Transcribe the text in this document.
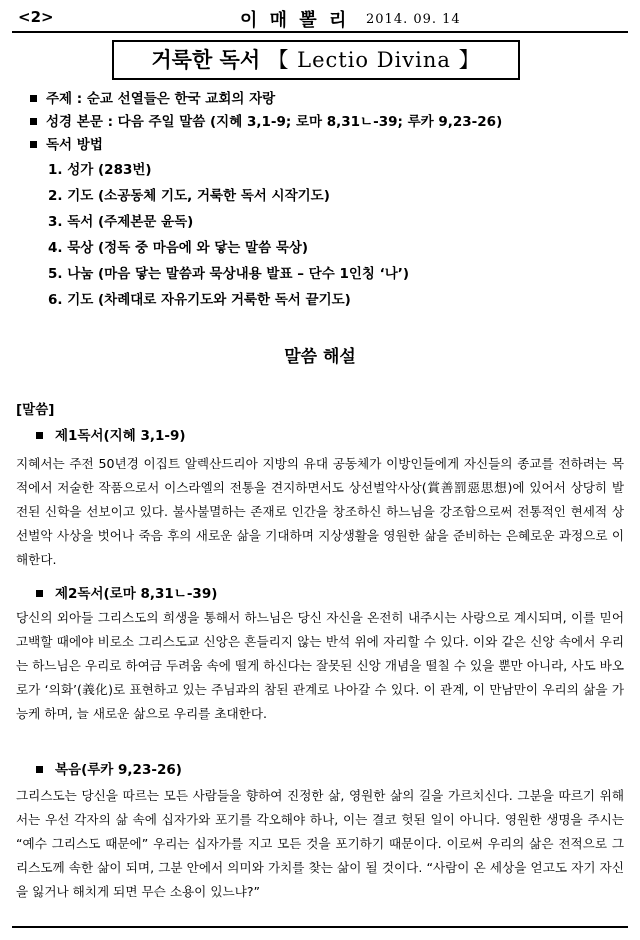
<2>	이 매 뽈 리 2014. 09. 14
거룩한 독서 【 Lectio Divina 】
주제 : 순교 선열들은 한국 교회의 자랑
성경 본문 : 다음 주일 말씀 (지혜 3,1-9; 로마 8,31ㄴ-39; 루카 9,23-26)
독서 방법
1. 성가 (283번)
2. 기도 (소공동체 기도, 거룩한 독서 시작기도)
3. 독서 (주제본문 윤독)
4. 묵상 (정독 중 마음에 와 닿는 말씀 묵상)
5. 나눔 (마음 닿는 말씀과 묵상내용 발표 – 단수 1인칭 ‘나’)
6. 기도 (차례대로 자유기도와 거룩한 독서 끝기도)
말씀 해설
[말씀]
제1독서(지혜 3,1-9)

지혜서는 주전 50년경 이집트 알렉산드리아 지방의 유대 공동체가 이방인들에게 자신들의 종교를 전하려는 목적에서 저술한 작품으로서 이스라엘의 전통을 견지하면서도 상선벌악사상(賞善罰惡思想)에 있어서 상당히 발전된 신학을 선보이고 있다. 불사불멸하는 존재로 인간을 창조하신 하느님을 강조함으로써 전통적인 현세적 상선벌악 사상을 벗어나 죽음 후의 새로운 삶을 기대하며 지상생활을 영원한 삶을 준비하는 은혜로운 과정으로 이해한다.

제2독서(로마 8,31ㄴ-39)

당신의 외아들 그리스도의 희생을 통해서 하느님은 당신 자신을 온전히 내주시는 사랑으로 계시되며, 이를 믿어 고백할 때에야 비로소 그리스도교 신앙은 흔들리지 않는 반석 위에 자리할 수 있다. 이와 같은 신앙 속에서 우리는 하느님은 우리로 하여금 두려움 속에 떨게 하신다는 잘못된 신앙 개념을 떨칠 수 있을 뿐만 아니라, 사도 바오로가 ‘의화’(義化)로 표현하고 있는 주님과의 참된 관계로 나아갈 수 있다. 이 관계, 이 만남만이 우리의 삶을 가능케 하며, 늘 새로운 삶으로 우리를 초대한다.

복음(루카 9,23-26)

그리스도는 당신을 따르는 모든 사람들을 향하여 진정한 삶, 영원한 삶의 길을 가르치신다. 그분을 따르기 위해서는 우선 각자의 삶 속에 십자가와 포기를 각오해야 하나, 이는 결코 헛된 일이 아니다. 영원한 생명을 주시는 “예수 그리스도 때문에” 우리는 십자가를 지고 모든 것을 포기하기 때문이다. 이로써 우리의 삶은 전적으로 그리스도께 속한 삶이 되며, 그분 안에서 의미와 가치를 찾는 삶이 될 것이다. “사람이 온 세상을 얻고도 자기 자신을 잃거나 해치게 되면 무슨 소용이 있느냐?”
